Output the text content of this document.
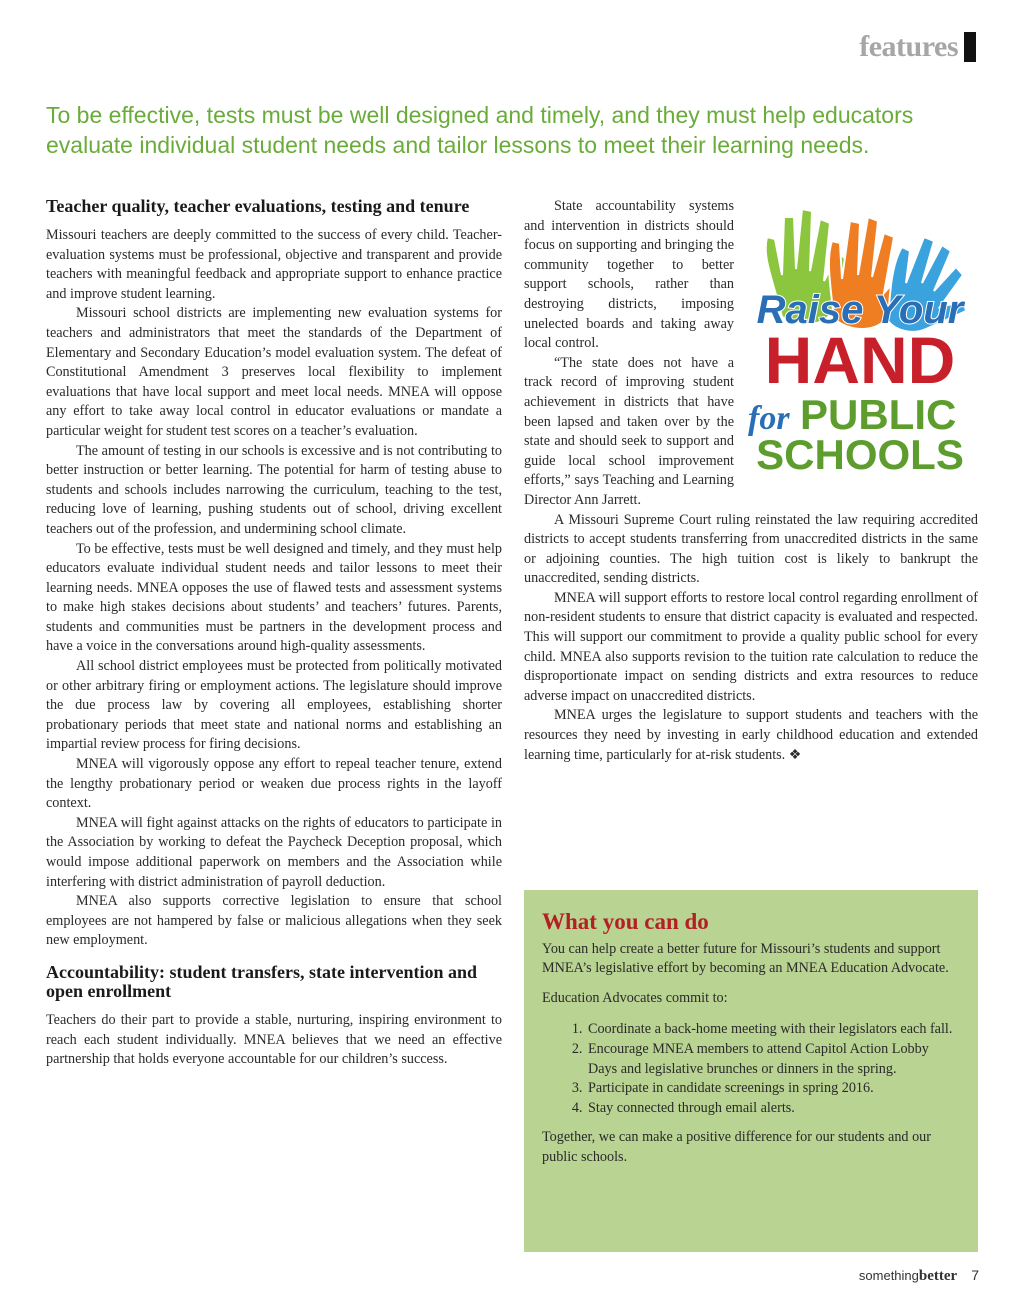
features
To be effective, tests must be well designed and timely, and they must help educators evaluate individual student needs and tailor lessons to meet their learning needs.
Teacher quality, teacher evaluations, testing and tenure

Missouri teachers are deeply committed to the success of every child. Teacher-evaluation systems must be professional, objective and transparent and provide teachers with meaningful feedback and appropriate support to enhance practice and improve student learning.

Missouri school districts are implementing new evaluation systems for teachers and administrators that meet the standards of the Department of Elementary and Secondary Education’s model evaluation system. The defeat of Constitutional Amendment 3 preserves local flexibility to implement evaluations that have local support and meet local needs. MNEA will oppose any effort to take away local control in educator evaluations or mandate a particular weight for student test scores on a teacher’s evaluation.

The amount of testing in our schools is excessive and is not contributing to better instruction or better learning. The potential for harm of testing abuse to students and schools includes narrowing the curriculum, teaching to the test, reducing love of learning, pushing students out of school, driving excellent teachers out of the profession, and undermining school climate.

To be effective, tests must be well designed and timely, and they must help educators evaluate individual student needs and tailor lessons to meet their learning needs. MNEA opposes the use of flawed tests and assessment systems to make high stakes decisions about students’ and teachers’ futures. Parents, students and communities must be partners in the development process and have a voice in the conversations around high-quality assessments.

All school district employees must be protected from politically motivated or other arbitrary firing or employment actions. The legislature should improve the due process law by covering all employees, establishing shorter probationary periods that meet state and national norms and establishing an impartial review process for firing decisions.

MNEA will vigorously oppose any effort to repeal teacher tenure, extend the lengthy probationary period or weaken due process rights in the layoff context.

MNEA will fight against attacks on the rights of educators to participate in the Association by working to defeat the Paycheck Deception proposal, which would impose additional paperwork on members and the Association while interfering with district administration of payroll deduction.

MNEA also supports corrective legislation to ensure that school employees are not hampered by false or malicious allegations when they seek new employment.

Accountability: student transfers, state intervention and open enrollment

Teachers do their part to provide a stable, nurturing, inspiring environment to reach each student individually. MNEA believes that we need an effective partnership that holds everyone accountable for our children’s success.

Raise Your
HAND
for PUBLIC
SCHOOLS

State accountability systems and intervention in districts should focus on supporting and bringing the community together to better support schools, rather than destroying districts, imposing unelected boards and taking away local control.

“The state does not have a track record of improving student achievement in districts that have been lapsed and taken over by the state and should seek to support and guide local school improvement efforts,” says Teaching and Learning Director Ann Jarrett.

A Missouri Supreme Court ruling reinstated the law requiring accredited districts to accept students transferring from unaccredited districts in the same or adjoining counties. The high tuition cost is likely to bankrupt the unaccredited, sending districts.

MNEA will support efforts to restore local control regarding enrollment of non-resident students to ensure that district capacity is evaluated and respected. This will support our commitment to provide a quality public school for every child. MNEA also supports revision to the tuition rate calculation to reduce the disproportionate impact on sending districts and extra resources to reduce adverse impact on unaccredited districts.

MNEA urges the legislature to support students and teachers with the resources they need by investing in early childhood education and extended learning time, particularly for at-risk students. ❖

What you can do

You can help create a better future for Missouri’s students and support MNEA’s legislative effort by becoming an MNEA Education Advocate.

Education Advocates commit to:

1. Coordinate a back-home meeting with their legislators each fall.
2. Encourage MNEA members to attend Capitol Action Lobby Days and legislative brunches or dinners in the spring.
3. Participate in candidate screenings in spring 2016.
4. Stay connected through email alerts.

Together, we can make a positive difference for our students and our public schools.

something better 7
